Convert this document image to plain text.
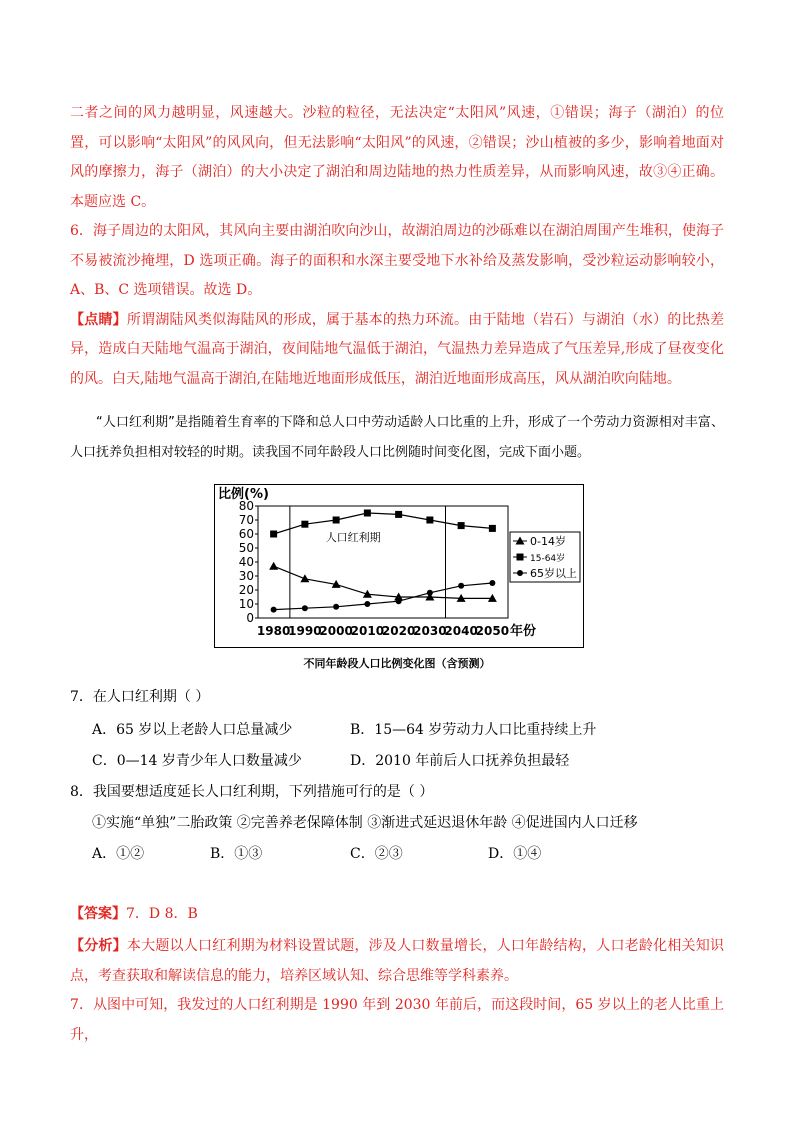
二者之间的风力越明显，风速越大。沙粒的粒径，无法决定“太阳风”风速，①错误；海子（湖泊）的位置，可以影响“太阳风”的风风向，但无法影响“太阳风”的风速，②错误；沙山植被的多少，影响着地面对风的摩擦力，海子（湖泊）的大小决定了湖泊和周边陆地的热力性质差异，从而影响风速，故③④正确。本题应选 C。

6．海子周边的太阳风，其风向主要由湖泊吹向沙山，故湖泊周边的沙砾难以在湖泊周围产生堆积，使海子不易被流沙掩埋，D 选项正确。海子的面积和水深主要受地下水补给及蒸发影响，受沙粒运动影响较小，A、B、C 选项错误。故选 D。

【点睛】所谓湖陆风类似海陆风的形成，属于基本的热力环流。由于陆地（岩石）与湖泊（水）的比热差异，造成白天陆地气温高于湖泊，夜间陆地气温低于湖泊，气温热力差异造成了气压差异,形成了昼夜变化的风。白天,陆地气温高于湖泊,在陆地近地面形成低压，湖泊近地面形成高压，风从湖泊吹向陆地。

“人口红利期”是指随着生育率的下降和总人口中劳动适龄人口比重的上升，形成了一个劳动力资源相对丰富、人口抚养负担相对较轻的时期。读我国不同年龄段人口比例随时间变化图，完成下面小题。

人口红利期
0
10
20
30
40
50
60
70
80
比例(%)
1980
1990
2000
2010
2020
2030
2040
2050 年份
0-14岁
15-64岁
65岁以上
不同年龄段人口比例变化图（含预测）
7．在人口红利期（ ）
A．65 岁以上老龄人口总量减少	B．15—64 岁劳动力人口比重持续上升
C．0—14 岁青少年人口数量减少	D．2010 年前后人口抚养负担最轻
8．我国要想适度延长人口红利期，下列措施可行的是（ ）
①实施“单独”二胎政策 ②完善养老保障体制 ③渐进式延迟退休年龄 ④促进国内人口迁移
A．①②	B．①③	C．②③	D．①④
【答案】7．D 8．B

【分析】本大题以人口红利期为材料设置试题，涉及人口数量增长，人口年龄结构，人口老龄化相关知识点，考查获取和解读信息的能力，培养区域认知、综合思维等学科素养。

7．从图中可知，我发过的人口红利期是 1990 年到 2030 年前后，而这段时间，65 岁以上的老人比重上升，
